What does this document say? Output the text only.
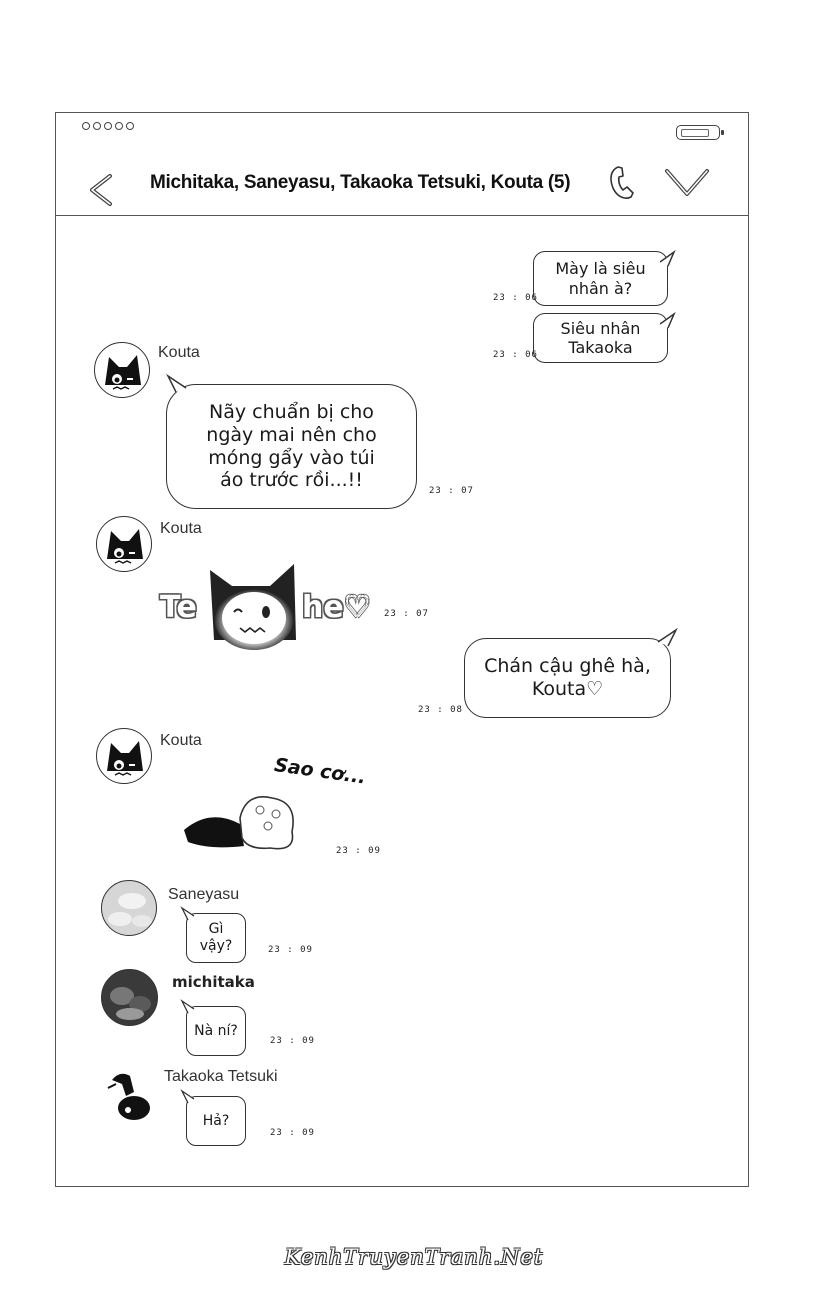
Michitaka, Saneyasu, Takaoka Tetsuki, Kouta (5)
Mày là siêu
nhân à?
23 : 06
Siêu nhân
Takaoka
23 : 06
Kouta
Nãy chuẩn bị cho
ngày mai nên cho
móng gẩy vào túi
áo trước rồi...!!	23 : 07
Kouta
Te	he♡ 23 : 07
Chán cậu ghê hà,
Kouta♡
23 : 08
Kouta
Sao cơ...
23 : 09
Saneyasu
Gì
vậy?	23 : 09
michitaka
Nà ní?
23 : 09
Takaoka Tetsuki
Hả?
23 : 09
KenhTruyenTranh.Net
